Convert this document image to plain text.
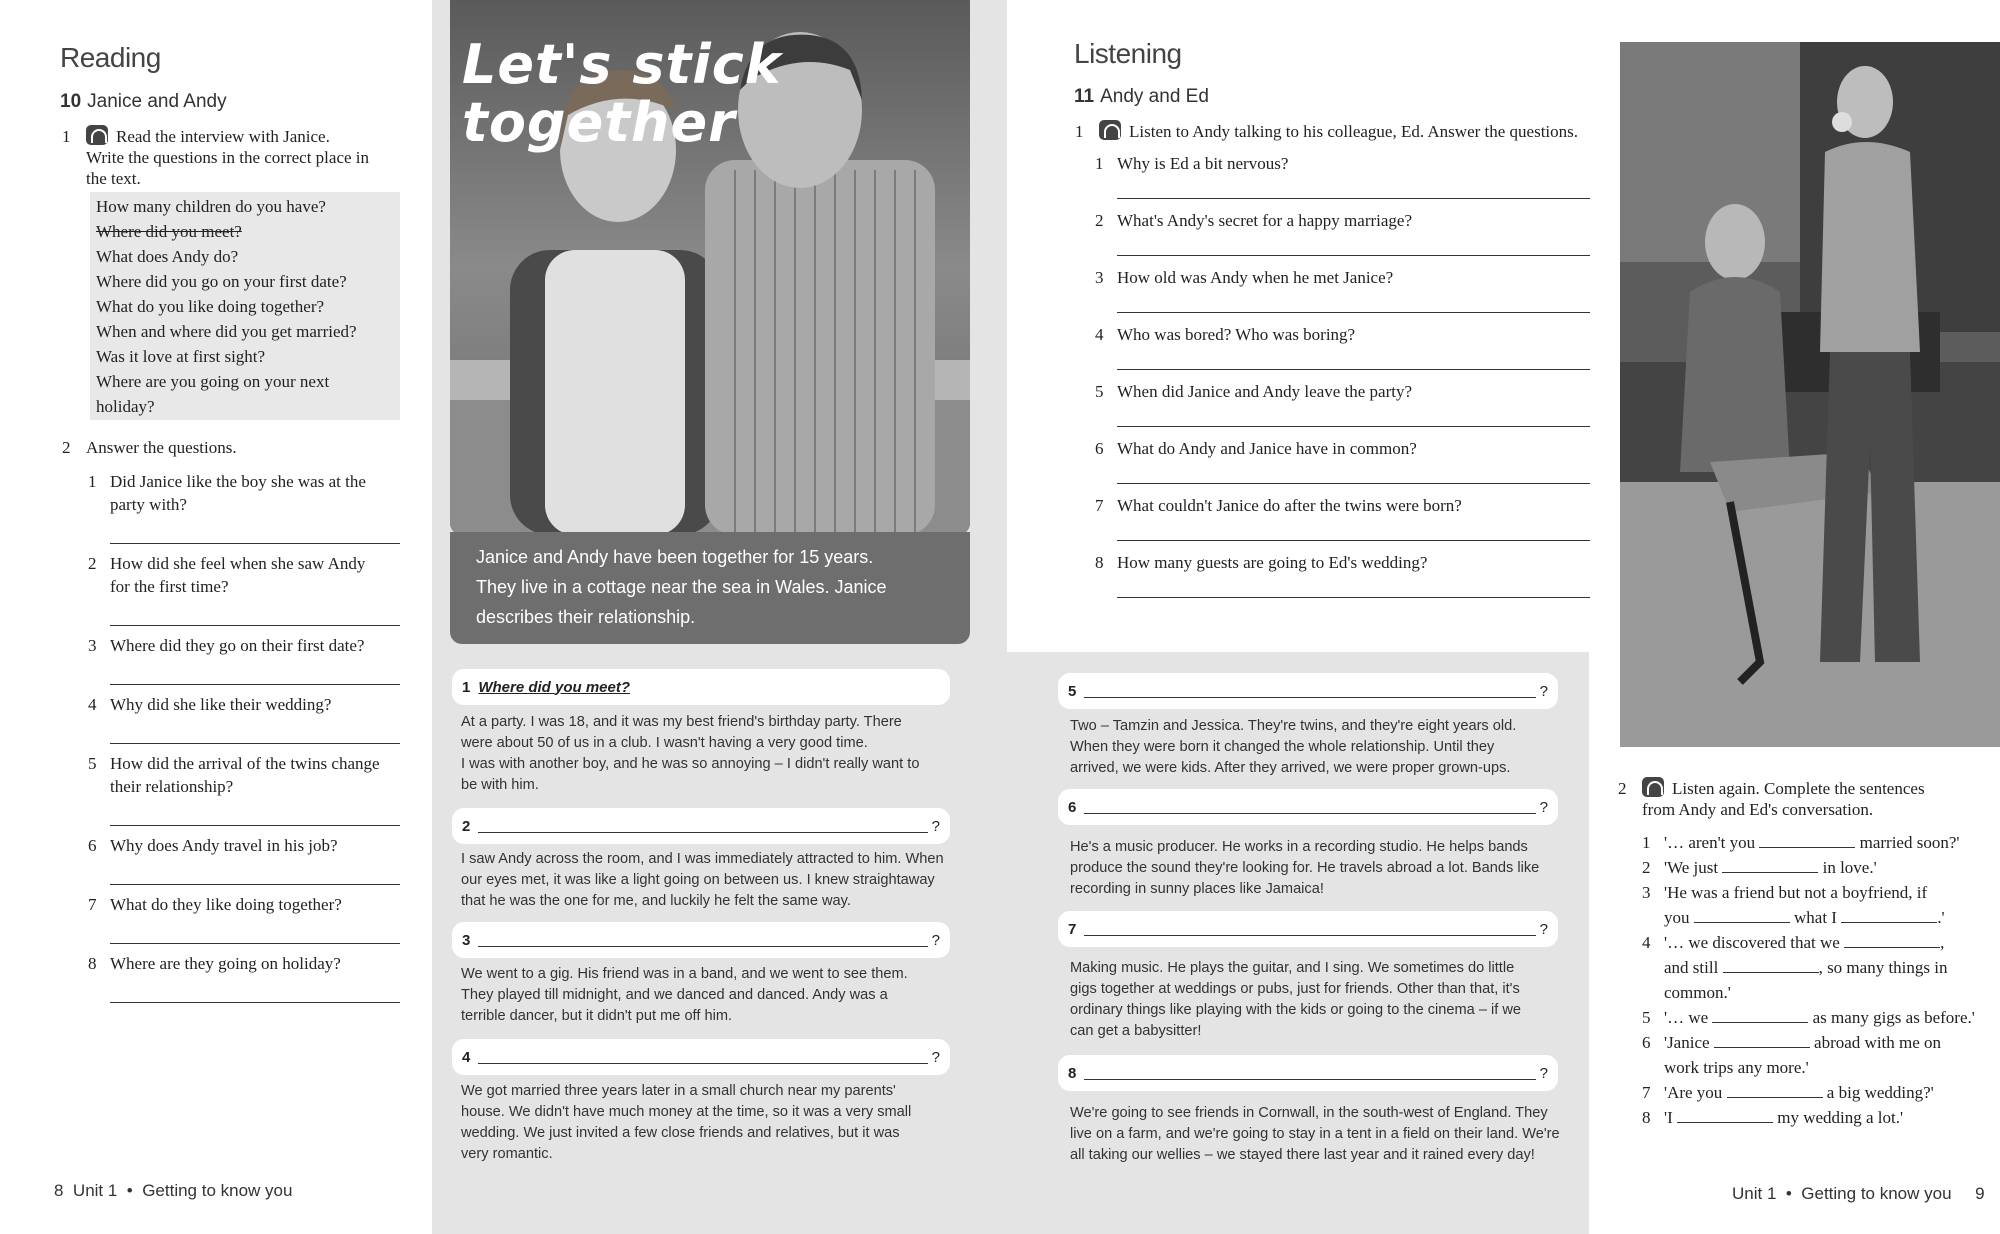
Reading
10 Janice and Andy
1	Read the interview with Janice.
Write the questions in the correct place in
the text.
How many children do you have?
Where did you meet?
What does Andy do?
Where did you go on your first date?
What do you like doing together?
When and where did you get married?
Was it love at first sight?
Where are you going on your next
holiday?
2 Answer the questions.
1 Did Janice like the boy she was at the
party with?
2 How did she feel when she saw Andy
for the first time?
3 Where did they go on their first date?
4 Why did she like their wedding?
5 How did the arrival of the twins change
their relationship?
6 Why does Andy travel in his job?
7 What do they like doing together?
8 Where are they going on holiday?
8 Unit 1 • Getting to know you
Let's stick
together
Janice and Andy have been together for 15 years.
They live in a cottage near the sea in Wales. Janice
describes their relationship.
1 Where did you meet?
At a party. I was 18, and it was my best friend's birthday party. There
were about 50 of us in a club. I wasn't having a very good time.
I was with another boy, and he was so annoying – I didn't really want to
be with him.
2	?
I saw Andy across the room, and I was immediately attracted to him. When
our eyes met, it was like a light going on between us. I knew straightaway
that he was the one for me, and luckily he felt the same way.
3	?
We went to a gig. His friend was in a band, and we went to see them.
They played till midnight, and we danced and danced. Andy was a
terrible dancer, but it didn't put me off him.
4	?
We got married three years later in a small church near my parents'
house. We didn't have much money at the time, so it was a very small
wedding. We just invited a few close friends and relatives, but it was
very romantic.
5	?
Two – Tamzin and Jessica. They're twins, and they're eight years old.
When they were born it changed the whole relationship. Until they
arrived, we were kids. After they arrived, we were proper grown-ups.
6	?
He's a music producer. He works in a recording studio. He helps bands
produce the sound they're looking for. He travels abroad a lot. Bands like
recording in sunny places like Jamaica!
7	?
Making music. He plays the guitar, and I sing. We sometimes do little
gigs together at weddings or pubs, just for friends. Other than that, it's
ordinary things like playing with the kids or going to the cinema – if we
can get a babysitter!
8	?
We're going to see friends in Cornwall, in the south-west of England. They
live on a farm, and we're going to stay in a tent in a field on their land. We're
all taking our wellies – we stayed there last year and it rained every day!
Listening
11 Andy and Ed
1	Listen to Andy talking to his colleague, Ed. Answer the questions.
1 Why is Ed a bit nervous?
2 What's Andy's secret for a happy marriage?
3 How old was Andy when he met Janice?
4 Who was bored? Who was boring?
5 When did Janice and Andy leave the party?
6 What do Andy and Janice have in common?
7 What couldn't Janice do after the twins were born?
8 How many guests are going to Ed's wedding?
2	Listen again. Complete the sentences
from Andy and Ed's conversation.
1 '… aren't you	married soon?'
2 'We just	in love.'
3 'He was a friend but not a boyfriend, if
you	what I	.'
4 '… we discovered that we	,
and still	, so many things in
common.'
5 '… we	as many gigs as before.'
6 'Janice	abroad with me on
work trips any more.'
7 'Are you	a big wedding?'
8 'I	my wedding a lot.'
Unit 1 • Getting to know you 9
